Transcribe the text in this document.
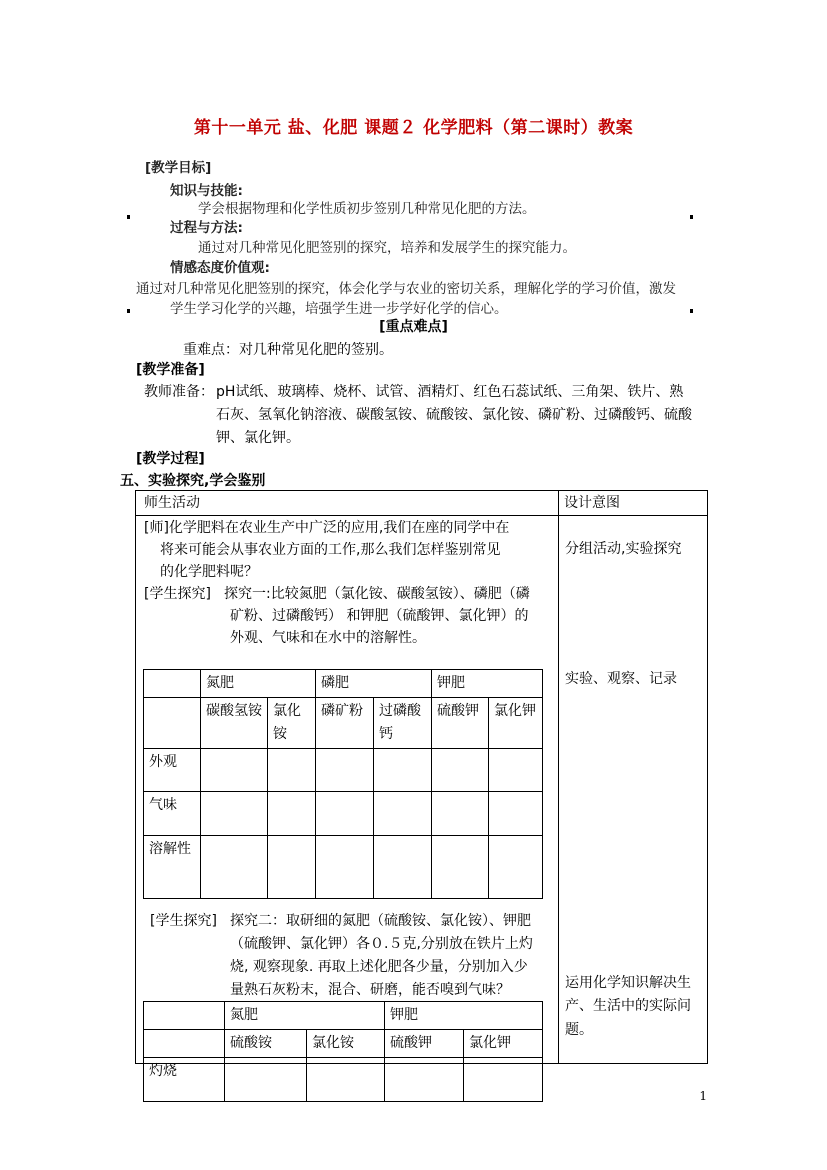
第十一单元 盐、化肥 课题２ 化学肥料（第二课时）教案
[教学目标]
知识与技能:
学会根据物理和化学性质初步签别几种常见化肥的方法。
过程与方法:
通过对几种常见化肥签别的探究，培养和发展学生的探究能力。
情感态度价值观:
通过对几种常见化肥签别的探究，体会化学与农业的密切关系，理解化学的学习价值，激发
学生学习化学的兴趣，培强学生进一步学好化学的信心。
[重点难点]
重难点：对几种常见化肥的签别。
[教学准备]
教师准备： pH试纸、玻璃棒、烧杯、试管、酒精灯、红色石蕊试纸、三角架、铁片、熟
石灰、氢氧化钠溶液、碳酸氢铵、硫酸铵、氯化铵、磷矿粉、过磷酸钙、硫酸
钾、氯化钾。
[教学过程]
五、实验探究,学会鉴别
师生活动	设计意图

[师]化学肥料在农业生产中广泛的应用,我们在座的同学中在
将来可能会从事农业方面的工作,那么我们怎样鉴别常见
的化学肥料呢？
[学生探究] 探究一:比较氮肥（氯化铵、碳酸氢铵）、磷肥（磷
矿粉、过磷酸钙） 和钾肥（硫酸钾、氯化钾）的
外观、气味和在水中的溶解性。
	氮肥	磷肥	钾肥
	碳酸氢铵	氯化铵	磷矿粉	过磷酸钙	硫酸钾	氯化钾
外观						
气味						
溶解性						
[学生探究] 探究二：取研细的氮肥（硫酸铵、氯化铵）、钾肥
（硫酸钾、氯化钾）各０.５克,分别放在铁片上灼
烧, 观察现象. 再取上述化肥各少量，分别加入少
量熟石灰粉末，混合、研磨，能否嗅到气味？
	氮肥	钾肥
	硫酸铵	氯化铵	硫酸钾	氯化钾
灼烧				

分组活动,实验探究
实验、观察、记录
运用化学知识解决生
产、生活中的实际问题。
1
